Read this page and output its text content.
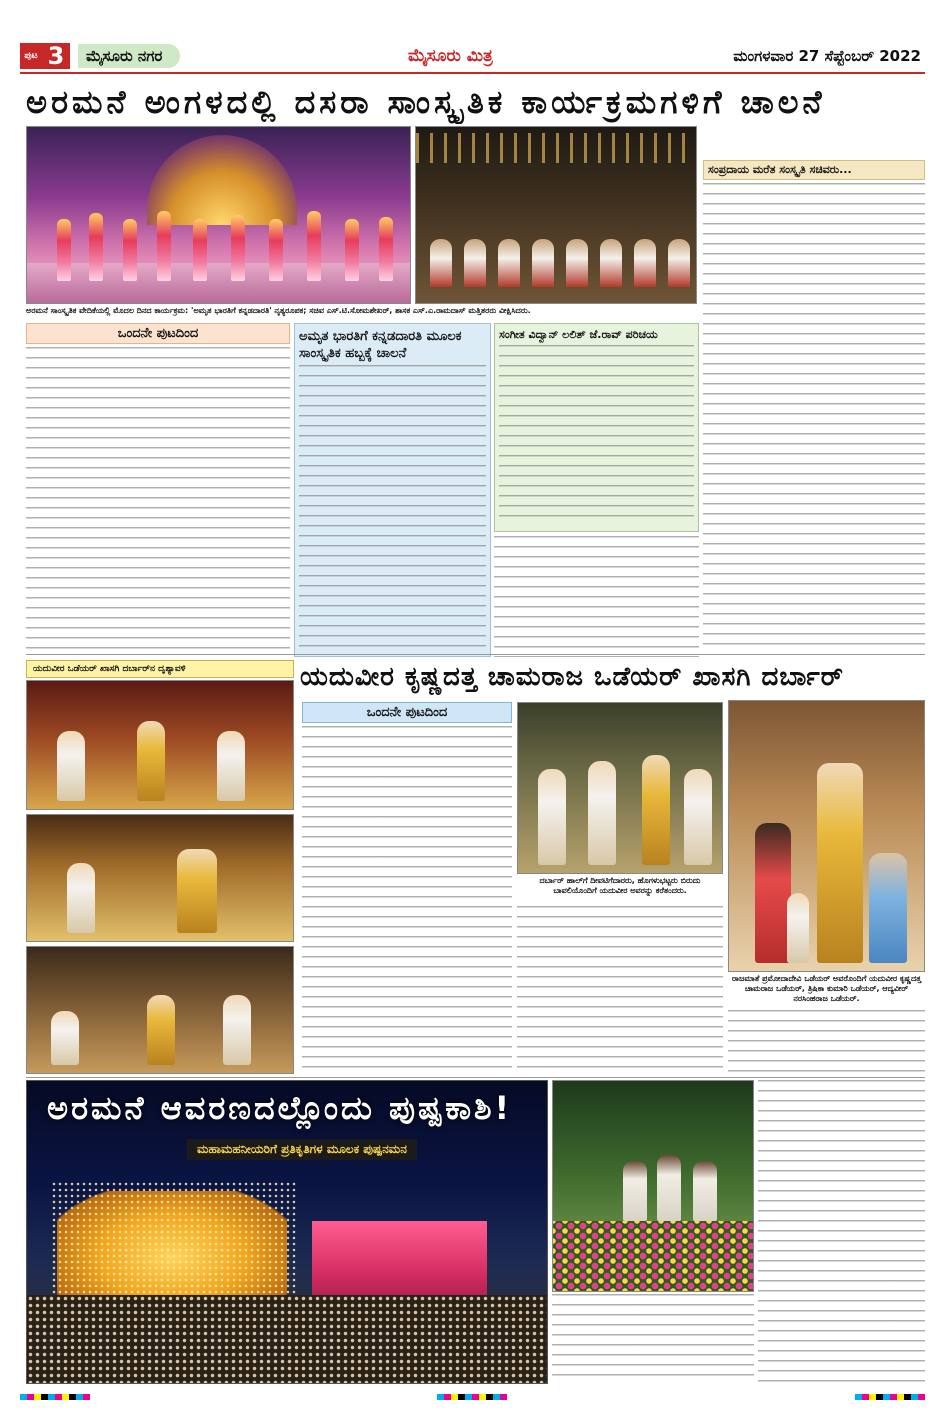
ಪುಟ 3	ಮೈಸೂರು ನಗರ	ಮೈಸೂರು ಮಿತ್ರ	ಮಂಗಳವಾರ 27 ಸೆಪ್ಟೆಂಬರ್ 2022
ಅರಮನೆ ಅಂಗಳದಲ್ಲಿ ದಸರಾ ಸಾಂಸ್ಕೃತಿಕ ಕಾರ್ಯಕ್ರಮಗಳಿಗೆ ಚಾಲನೆ
ಅರಮನೆ ಸಾಂಸ್ಕೃತಿಕ ವೇದಿಕೆಯಲ್ಲಿ ಮೊದಲ ದಿನದ ಕಾರ್ಯಕ್ರಮ: 'ಅಮೃತ ಭಾರತಿಗೆ ಕನ್ನಡದಾರತಿ' ನೃತ್ಯರೂಪಕ; ಸಚಿವ ಎಸ್.ಟಿ.ಸೋಮಶೇಖರ್, ಶಾಸಕ ಎಸ್.ಎ.ರಾಮದಾಸ್ ಮತ್ತಿತರರು ವೀಕ್ಷಿಸಿದರು.
ಒಂದನೇ ಪುಟದಿಂದ	ಅಮೃತ ಭಾರತಿಗೆ ಕನ್ನಡದಾರತಿ ಮೂಲಕ ಸಾಂಸ್ಕೃತಿಕ ಹಬ್ಬಕ್ಕೆ ಚಾಲನೆ
ಸಂಗೀತ ವಿದ್ವಾನ್ ಲಲಿತ್ ಜೆ.ರಾವ್ ಪರಿಚಯ
ಸಂಪ್ರದಾಯ ಮರೆತ ಸಂಸ್ಕೃತಿ ಸಚಿವರು...
ಯದುವೀರ ಒಡೆಯರ್ ಖಾಸಗಿ ದರ್ಬಾರ್‌ನ ದೃಶ್ಯಾವಳಿ	ಯದುವೀರ ಕೃಷ್ಣದತ್ತ ಚಾಮರಾಜ ಒಡೆಯರ್ ಖಾಸಗಿ ದರ್ಬಾರ್
ಒಂದನೇ ಪುಟದಿಂದ
ದರ್ಬಾರ್ ಹಾಲ್‌ಗೆ ದೀವಟಿಗೆದಾರರು, ಹೊಗಳುಭಟ್ಟರು ಬಿರುದು ಬಾವಲಿಯೊಂದಿಗೆ ಯದುವೀರ ಅವರನ್ನು ಕರೆತಂದರು.
ರಾಜಮಾತೆ ಪ್ರಮೋದಾದೇವಿ ಒಡೆಯರ್ ಅವರೊಂದಿಗೆ ಯದುವೀರ ಕೃಷ್ಣದತ್ತ ಚಾಮರಾಜ ಒಡೆಯರ್, ತ್ರಿಷಿಕಾ ಕುಮಾರಿ ಒಡೆಯರ್, ಆದ್ಯವೀರ್ ನರಸಿಂಹರಾಜ ಒಡೆಯರ್.
ಅರಮನೆ ಆವರಣದಲ್ಲೊಂದು ಪುಷ್ಪಕಾಶಿ!
ಮಹಾಮಹನೀಯರಿಗೆ ಪ್ರತಿಕೃತಿಗಳ ಮೂಲಕ ಪುಷ್ಪನಮನ
